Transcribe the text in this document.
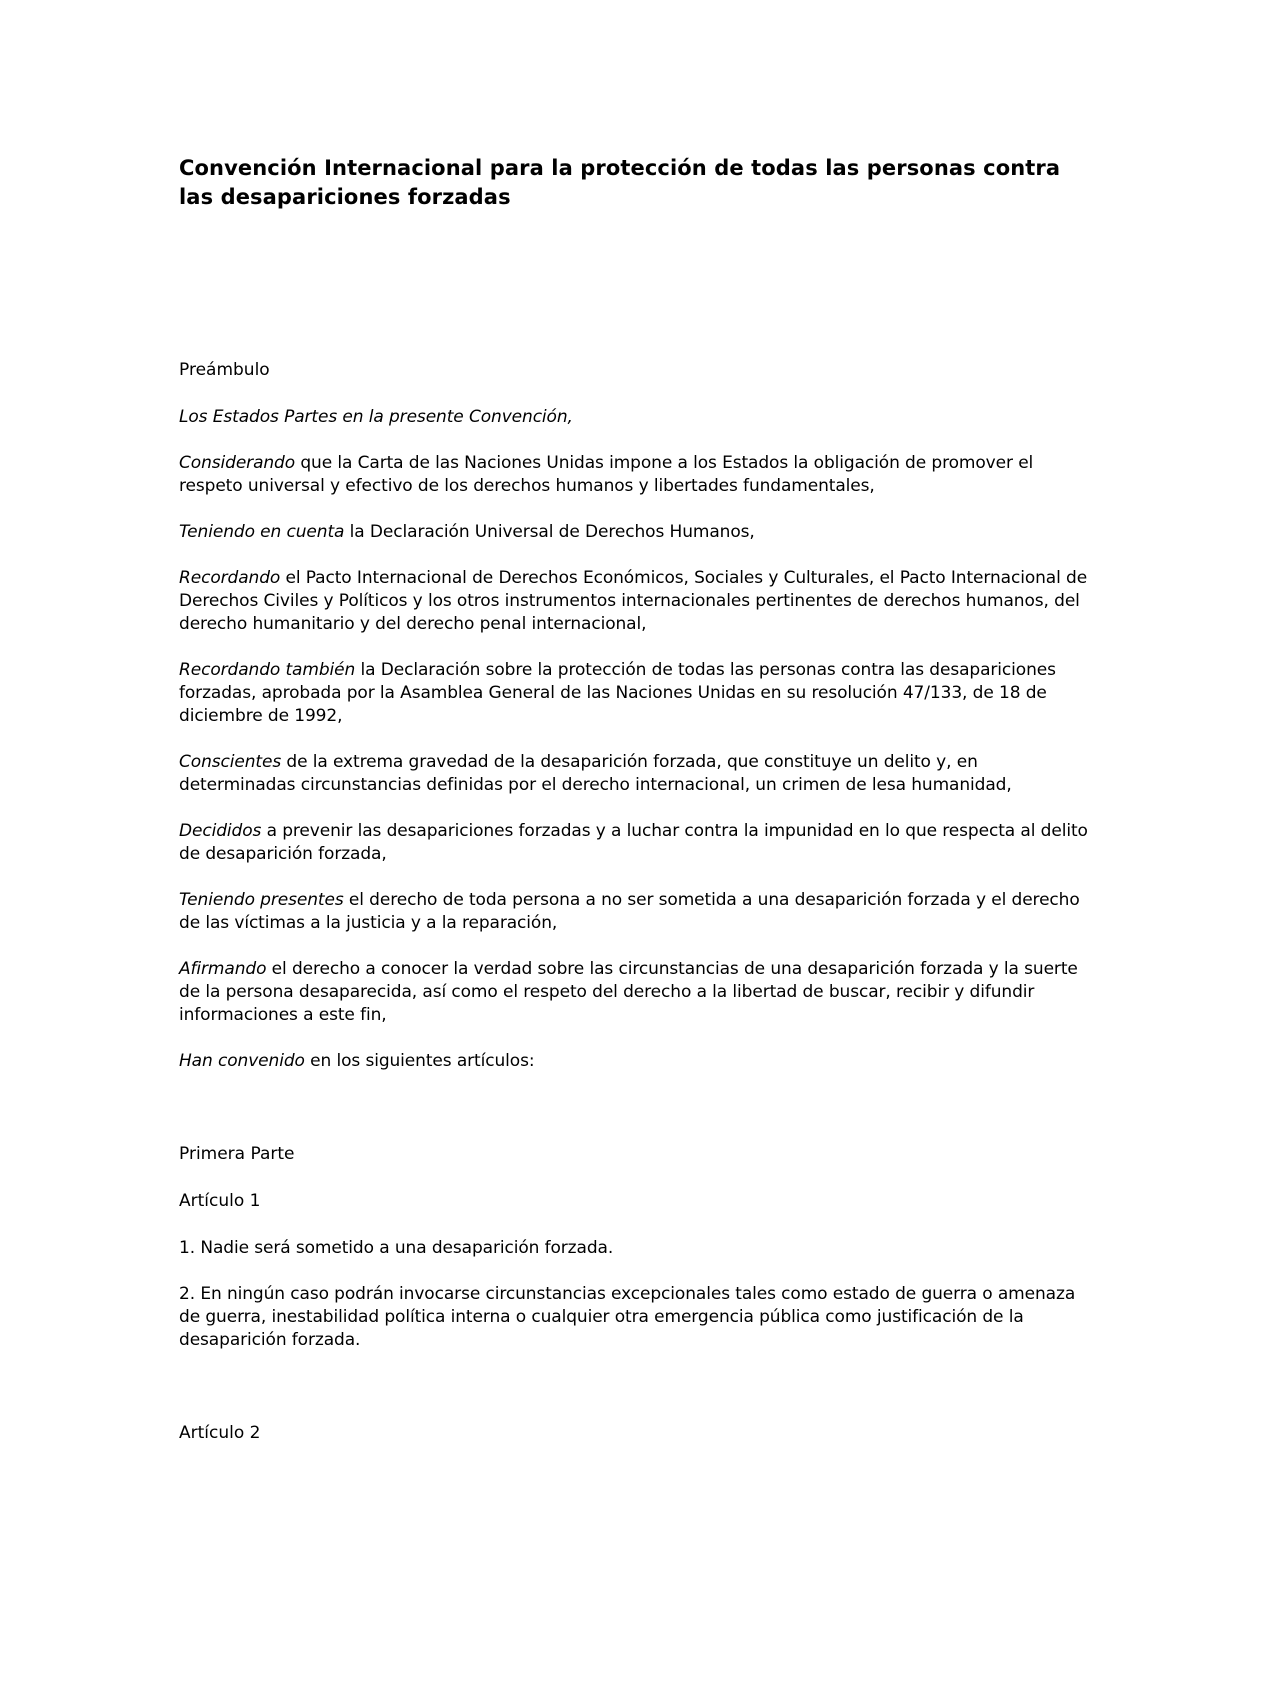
Convención Internacional para la protección de todas las personas contra las desapariciones forzadas

Preámbulo

Los Estados Partes en la presente Convención,

Considerando que la Carta de las Naciones Unidas impone a los Estados la obligación de promover el respeto universal y efectivo de los derechos humanos y libertades fundamentales,

Teniendo en cuenta la Declaración Universal de Derechos Humanos,

Recordando el Pacto Internacional de Derechos Económicos, Sociales y Culturales, el Pacto Internacional de Derechos Civiles y Políticos y los otros instrumentos internacionales pertinentes de derechos humanos, del derecho humanitario y del derecho penal internacional,

Recordando también la Declaración sobre la protección de todas las personas contra las desapariciones forzadas, aprobada por la Asamblea General de las Naciones Unidas en su resolución 47/133, de 18 de diciembre de 1992,

Conscientes de la extrema gravedad de la desaparición forzada, que constituye un delito y, en determinadas circunstancias definidas por el derecho internacional, un crimen de lesa humanidad,

Decididos a prevenir las desapariciones forzadas y a luchar contra la impunidad en lo que respecta al delito de desaparición forzada,

Teniendo presentes el derecho de toda persona a no ser sometida a una desaparición forzada y el derecho de las víctimas a la justicia y a la reparación,

Afirmando el derecho a conocer la verdad sobre las circunstancias de una desaparición forzada y la suerte de la persona desaparecida, así como el respeto del derecho a la libertad de buscar, recibir y difundir informaciones a este fin,

Han convenido en los siguientes artículos:

Primera Parte

Artículo 1

1. Nadie será sometido a una desaparición forzada.

2. En ningún caso podrán invocarse circunstancias excepcionales tales como estado de guerra o amenaza de guerra, inestabilidad política interna o cualquier otra emergencia pública como justificación de la desaparición forzada.

Artículo 2
